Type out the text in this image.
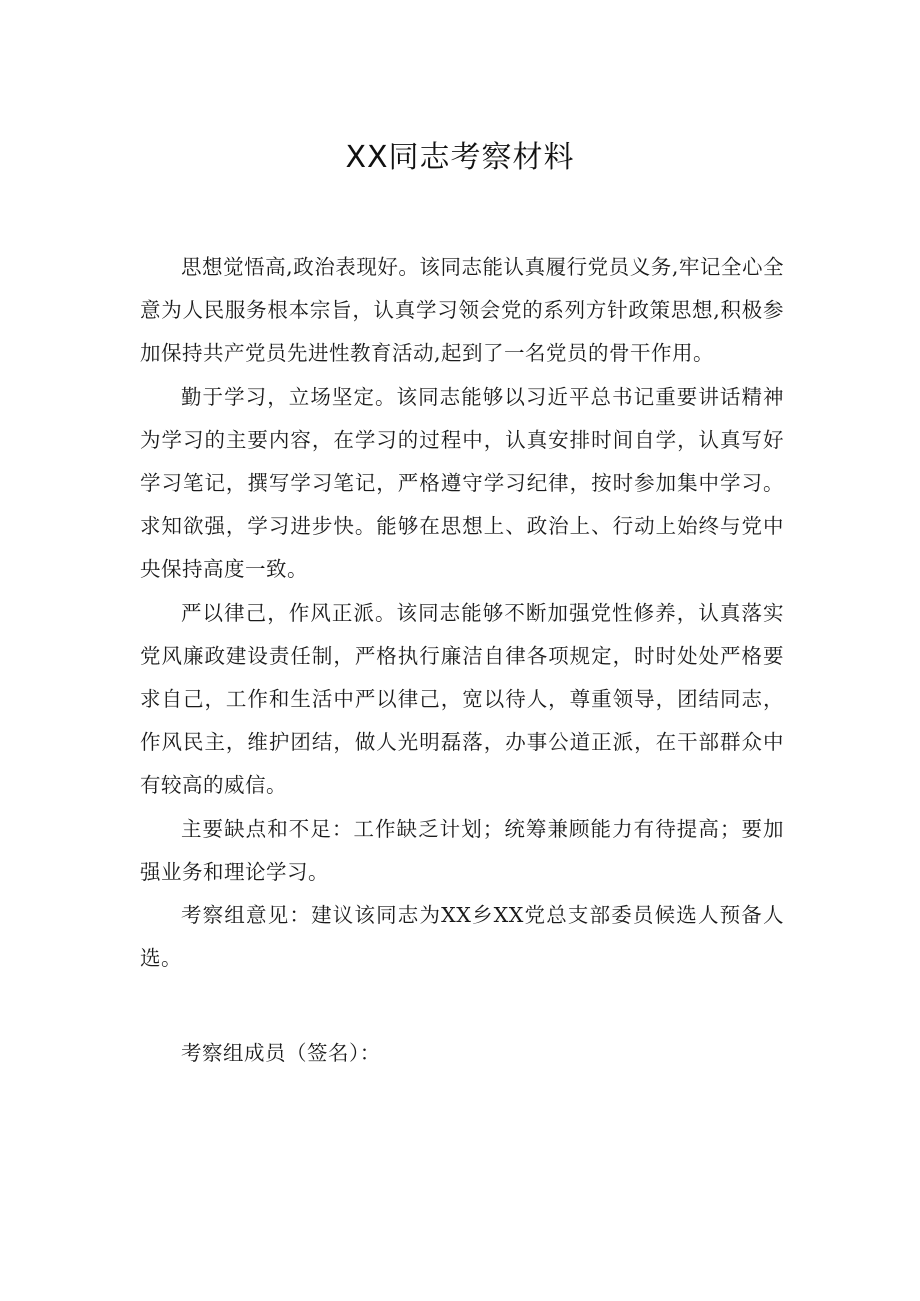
XX同志考察材料

思想觉悟高,政治表现好。该同志能认真履行党员义务,牢记全心全意为人民服务根本宗旨，认真学习领会党的系列方针政策思想,积极参加保持共产党员先进性教育活动,起到了一名党员的骨干作用。

勤于学习，立场坚定。该同志能够以习近平总书记重要讲话精神为学习的主要内容，在学习的过程中，认真安排时间自学，认真写好学习笔记，撰写学习笔记，严格遵守学习纪律，按时参加集中学习。求知欲强，学习进步快。能够在思想上、政治上、行动上始终与党中央保持高度一致。

严以律己，作风正派。该同志能够不断加强党性修养，认真落实党风廉政建设责任制，严格执行廉洁自律各项规定，时时处处严格要求自己，工作和生活中严以律己，宽以待人，尊重领导，团结同志，作风民主，维护团结，做人光明磊落，办事公道正派，在干部群众中有较高的威信。

主要缺点和不足：工作缺乏计划；统筹兼顾能力有待提高；要加强业务和理论学习。

考察组意见：建议该同志为XX乡XX党总支部委员候选人预备人选。

考察组成员（签名）：
